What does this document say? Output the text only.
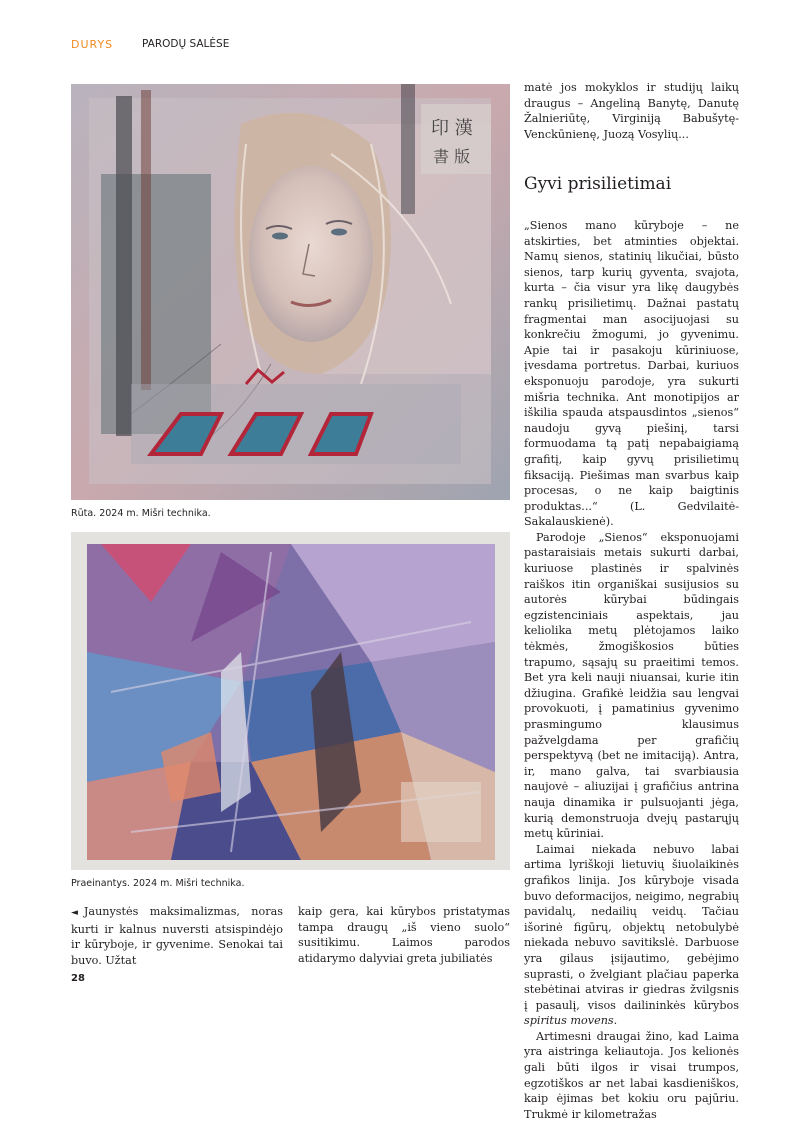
DURYS	PARODŲ SALĖSE
印 漢
書 版
Rūta. 2024 m. Mišri technika.
Praeinantys. 2024 m. Mišri technika.

matė jos mokyklos ir studijų laikų draugus – Angeliną Banytę, Danutę Žalnieriūtę, Virginiją Babušytę-Venckūnienę, Juozą Vosylių...

Gyvi prisilietimai

„Sienos mano kūryboje – ne atskirties, bet atminties objektai. Namų sienos, statinių likučiai, būsto sienos, tarp kurių gyventa, svajota, kurta – čia visur yra likę daugybės rankų prisilietimų. Dažnai pastatų fragmentai man asocijuojasi su konkrečiu žmogumi, jo gyvenimu. Apie tai ir pasakoju kūriniuose, įvesdama portretus. Darbai, kuriuos eksponuoju parodoje, yra sukurti mišria technika. Ant monotipijos ar iškilia spauda atspausdintos „sienos“ naudoju gyvą piešinį, tarsi formuodama tą patį nepabaigiamą grafitį, kaip gyvų prisilietimų fiksaciją. Piešimas man svarbus kaip procesas, o ne kaip baigtinis produktas...“ (L. Gedvilaitė-Sakalauskienė).

Parodoje „Sienos“ eksponuojami pastaraisiais metais sukurti darbai, kuriuose plastinės ir spalvinės raiškos itin organiškai susijusios su autorės kūrybai būdingais egzistenciniais aspektais, jau keliolika metų plėtojamos laiko tėkmės, žmogiškosios būties trapumo, sąsajų su praeitimi temos. Bet yra keli nauji niuansai, kurie itin džiugina. Grafikė leidžia sau lengvai provokuoti, į pamatinius gyvenimo prasmingumo klausimus pažvelgdama per grafičių perspektyvą (bet ne imitaciją). Antra, ir, mano galva, tai svarbiausia naujovė – aliuzijai į grafičius antrina nauja dinamika ir pulsuojanti jėga, kurią demonstruoja dvejų pastarųjų metų kūriniai.

Laimai niekada nebuvo labai artima lyriškoji lietuvių šiuolaikinės grafikos linija. Jos kūryboje visada buvo deformacijos, neigimo, negrabių pavidalų, nedailių veidų. Tačiau išorinė figūrų, objektų netobulybė niekada nebuvo savitikslė. Darbuose yra gilaus įsijautimo, gebėjimo suprasti, o žvelgiant plačiau paperka stebėtinai atviras ir giedras žvilgsnis į pasaulį, visos dailininkės kūrybos spiritus movens.

Artimesni draugai žino, kad Laima yra aistringa keliautoja. Jos kelionės gali būti ilgos ir visai trumpos, egzotiškos ar net labai kasdieniškos, kaip ėjimas bet kokiu oru pajūriu. Trukmė ir kilometražas

◄ Jaunystės maksimalizmas, noras kurti ir kalnus nuversti atsispindėjo ir kūryboje, ir gyvenime. Senokai tai buvo. Užtat

kaip gera, kai kūrybos pristatymas tampa draugų „iš vieno suolo“ susitikimu. Laimos parodos atidarymo dalyviai greta jubiliatės

28
